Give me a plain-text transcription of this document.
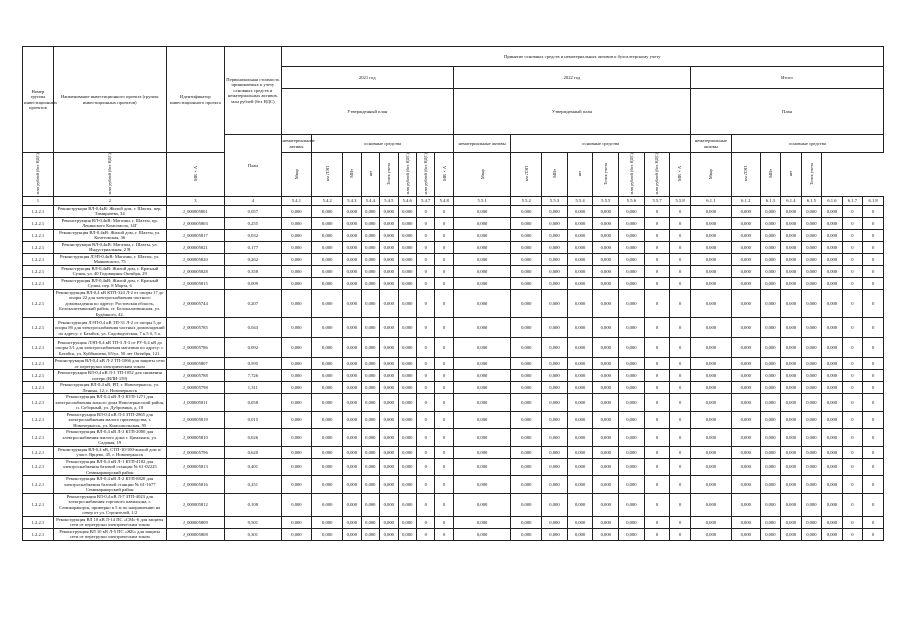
Номер группы инвестиционных проектов	Наименование инвестиционного проекта (группы инвестиционных проектов)	Идентификатор инвестиционного проекта	Первоначальная стоимость принимаемых к учету основных средств и нематериальных активов, млн рублей (без НДС)	Принятие основных средств и нематериальных активов к бухгалтерскому учету																							
				2021 год								2022 год								Итого							
				Утвержденный план								Утвержденный план								План							
			План	нематериальные активы	основные средства							нематериальные активы	основные средства							нематериальные активы	основные средства						
млн рублей (без НДС)	млн рублей (без НДС)	МВ×А		Мвар	км ЛЭП	МВт	шт	Точек учета	млн рублей (без НДС)	млн рублей (без НДС)	МВ×А	Мвар	км ЛЭП	МВт	шт	Точек учета	млн рублей (без НДС)	млн рублей (без НДС)	МВ×А	Мвар	км ЛЭП	МВт	шт	Точек учета			
1	2	3	4	5.4.1	5.4.2	5.4.3	5.4.4	5.4.5	5.4.6	5.4.7	5.4.8	5.5.1	5.5.2	5.5.3	5.5.4	5.5.5	5.5.6	5.5.7	5.5.8	6.1.1	6.1.2	6.1.3	6.1.4	6.1.5	6.1.6	6.1.7	6.1.8
1.2.2.1	Реконструкция ВЛ-0,4кВ: Жилой дом, г. Шахты, пер. Тимирязева, 34	J_000005801	0,057	0,000	0,000	0,000	0,000	0,000	0,000	0	0	0,000	0,000	0,000	0,000	0,000	0,000	0	0	0,000	0,000	0,000	0,000	0,000	0,000	0	0
1.2.2.1	Реконструкция ВЛ-0,4кВ: Магазин, г. Шахты, пр. Ленинского Комсомола, 14Г	J_000005803	0,255	0,000	0,000	0,000	0,000	0,000	0,000	0	0	0,000	0,000	0,000	0,000	0,000	0,000	0	0	0,000	0,000	0,000	0,000	0,000	0,000	0	0
1.2.2.1	Реконструкция ВЛ-0,4кВ: Жилой дом, г. Шахты, ул. Кочетовская, 36	J_000005817	0,032	0,000	0,000	0,000	0,000	0,000	0,000	0	0	0,000	0,000	0,000	0,000	0,000	0,000	0	0	0,000	0,000	0,000	0,000	0,000	0,000	0	0
1.2.2.1	Реконструкция ВЛ-0,4кВ: Магазин, г. Шахты, ул. Индустриальная, 2 В	J_000005821	0,177	0,000	0,000	0,000	0,000	0,000	0,000	0	0	0,000	0,000	0,000	0,000	0,000	0,000	0	0	0,000	0,000	0,000	0,000	0,000	0,000	0	0
1.2.2.1	Реконструкция ЛЭП-0,4кВ: Магазин, г. Шахты, ул. Маяковского, 75	J_000005820	0,262	0,000	0,000	0,000	0,000	0,000	0,000	0	0	0,000	0,000	0,000	0,000	0,000	0,000	0	0	0,000	0,000	0,000	0,000	0,000	0,000	0	0
1.2.2.1	Реконструкция ВЛ-0,4кВ: Жилой дом, г. Красный Сулин, ул. 40 Годовщины Октября, 29	J_000005828	0,358	0,000	0,000	0,000	0,000	0,000	0,000	0	0	0,000	0,000	0,000	0,000	0,000	0,000	0	0	0,000	0,000	0,000	0,000	0,000	0,000	0	0
1.2.2.1	Реконструкция ВЛ-0,4кВ: Жилой дом, г. Красный Сулин, пер. 8 Марта, 6	J_000005815	0,009	0,000	0,000	0,000	0,000	0,000	0,000	0	0	0,000	0,000	0,000	0,000	0,000	0,000	0	0	0,000	0,000	0,000	0,000	0,000	0,000	0	0
1.2.2.1	Реконструкция ВЛ-0,4 кВ КТП-324 Л-2 от опоры 17 до опоры 22 для электроснабжения частного домовладения по адресу: Ростовская область, Белокалитвинский район, ст. Белокалитвинская, ул. Будённого, 42.	J_000005744	0,207	0,000	0,000	0,000	0,000	0,000	0,000	0	0	0,000	0,000	0,000	0,000	0,000	0,000	0	0	0,000	0,000	0,000	0,000	0,000	0,000	0	0
1.2.2.1	Реконструкция ЛЭП-0,4 кВ ТП-31 Л-2 от опоры 5 до опоры 8б для электроснабжения частных домовладений по адресу: г. Батайск, ул. Садоводческая, 7 к.5 б, 5 а.	J_000005785	0,043	0,000	0,000	0,000	0,000	0,000	0,000	0	0	0,000	0,000	0,000	0,000	0,000	0,000	0	0	0,000	0,000	0,000	0,000	0,000	0,000	0	0
1.2.2.1	Реконструкция ЛЭП-0,4 кВ ТП-3 Л-3 от РУ-0,4 кВ до опоры 5/1 для электроснабжения магазина по адресу: г. Батайск, ул. Куйбышева, 65/ул. 50 лет Октября, 121.	J_000005786	0,092	0,000	0,000	0,000	0,000	0,000	0,000	0	0	0,000	0,000	0,000	0,000	0,000	0,000	0	0	0,000	0,000	0,000	0,000	0,000	0,000	0	0
1.2.2.1	Реконструкция ВЛ-0,4 кВ Л-2 ТП-1066 для защиты сети от перегрузки электрическим током	J_000005807	0,595	0,000	0,000	0,000	0,000	0,000	0,000	0	0	0,000	0,000	0,000	0,000	0,000	0,000	0	0	0,000	0,000	0,000	0,000	0,000	0,000	0	0
1.2.2.1	Реконструкция ВЛ-0,4 кВ Л-1 ТП-1052 для снижения потерь (ВЛИ-159)	J_000005788	7,726	0,000	0,000	0,000	0,000	0,000	0,000	0	0	0,000	0,000	0,000	0,000	0,000	0,000	0	0	0,000	0,000	0,000	0,000	0,000	0,000	0	0
1.2.2.1	Реконструкция ВЛ-0,4 кВ, РП, г. Новочеркасск, ул. Ленина, 12, г. Новочеркасск	J_000005798	1,311	0,000	0,000	0,000	0,000	0,000	0,000	0	0	0,000	0,000	0,000	0,000	0,000	0,000	0	0	0,000	0,000	0,000	0,000	0,000	0,000	0	0
1.2.2.1	Реконструкция ВЛ-0,4 кВ Л-3 КТП-1271 для электроснабжения жилого дома Новочеркасский район, п. Соборный, ул. Дубровина, д. 18	J_000005811	0,058	0,000	0,000	0,000	0,000	0,000	0,000	0	0	0,000	0,000	0,000	0,000	0,000	0,000	0	0	0,000	0,000	0,000	0,000	0,000	0,000	0	0
1.2.2.1	Реконструкция ВЛ-0,4 кВ Л-4 ЗТП-2865 для электроснабжения малого производства, г. Новочеркасск, ул. Комсомольская, 95	J_000005819	0,015	0,000	0,000	0,000	0,000	0,000	0,000	0	0	0,000	0,000	0,000	0,000	0,000	0,000	0	0	0,000	0,000	0,000	0,000	0,000	0,000	0	0
1.2.2.1	Реконструкция ВЛ-0,4 кВ Л-3 КТП-2000 для электроснабжения жилого дома г. Цимлянск, ул. Садовая, 19	J_000005810	0,026	0,000	0,000	0,000	0,000	0,000	0,000	0	0	0,000	0,000	0,000	0,000	0,000	0,000	0	0	0,000	0,000	0,000	0,000	0,000	0,000	0	0
1.2.2.1	Реконструкция ВЛ-0,4 кВ, СТП-10/100-жилой дом п/участ. Ярцево, 45, г. Новочеркасск	J_000005796	0,620	0,000	0,000	0,000	0,000	0,000	0,000	0	0	0,000	0,000	0,000	0,000	0,000	0,000	0	0	0,000	0,000	0,000	0,000	0,000	0,000	0	0
1.2.2.1	Реконструкция ВЛ-0,4 кВ Л-1 КТП-4182 для электроснабжения базовой станции № 61-02225 Семикаракорский район	J_000005813	0,401	0,000	0,000	0,000	0,000	0,000	0,000	0	0	0,000	0,000	0,000	0,000	0,000	0,000	0	0	0,000	0,000	0,000	0,000	0,000	0,000	0	0
1.2.2.1	Реконструкция ВЛ-0,4 кВ Л-2 КТП-6820 для электроснабжения базовой станции № 61-1677 Семикаракорский район	J_000005816	0,251	0,000	0,000	0,000	0,000	0,000	0,000	0	0	0,000	0,000	0,000	0,000	0,000	0,000	0	0	0,000	0,000	0,000	0,000	0,000	0,000	0	0
1.2.2.1	Реконструкция ВЛ-0,4 кВ Л-7 ЗТП-4023 для электроснабжения торгового павильона, г. Семикаракорск, примерно в 5 м по направлению на север от ул. Строителей, 1/2	J_000005812	0,108	0,000	0,000	0,000	0,000	0,000	0,000	0	0	0,000	0,000	0,000	0,000	0,000	0,000	0	0	0,000	0,000	0,000	0,000	0,000	0,000	0	0
1.2.2.1	Реконструкция ВЛ 10 кВ Л-14 ПС «СМ»-6 для защиты сети от перегрузки электрическим током	J_000005809	9,501	0,000	0,000	0,000	0,000	0,000	0,000	0	0	0,000	0,000	0,000	0,000	0,000	0,000	0	0	0,000	0,000	0,000	0,000	0,000	0,000	0	0
1.2.2.1	Реконструкция ВЛ 10 кВ Л-5 ПС «ЖБ» для защиты сети от перегрузки электрическим током	J_000005808	0,301	0,000	0,000	0,000	0,000	0,000	0,000	0	0	0,000	0,000	0,000	0,000	0,000	0,000	0	0	0,000	0,000	0,000	0,000	0,000	0,000	0	0
